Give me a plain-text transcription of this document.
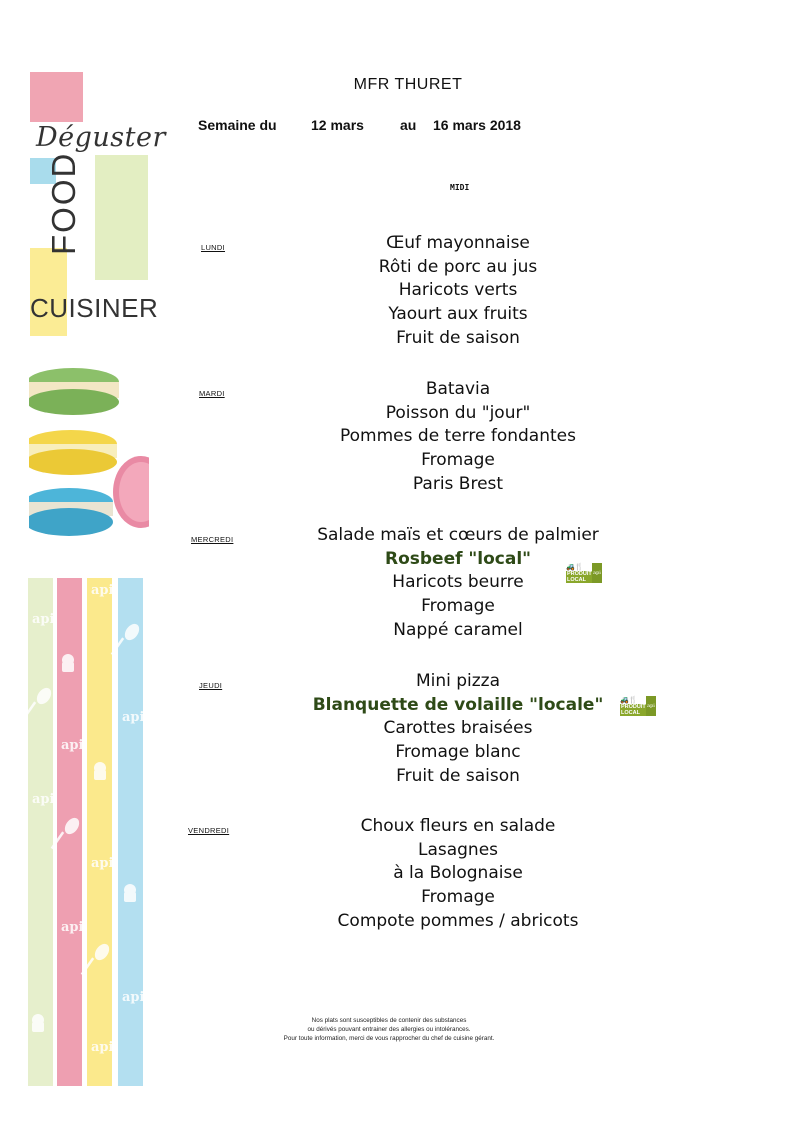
Déguster
FOOD
CUISINER
api
api
api
api
api
api
api
api
api
MFR THURET
Semaine du 12 mars	au 16 mars 2018
MIDI
LUNDI	Œuf mayonnaise
Rôti de porc au jus
Haricots verts
Yaourt aux fruits
Fruit de saison
MARDI	Batavia
Poisson du "jour"
Pommes de terre fondantes
Fromage
Paris Brest
MERCREDI	Salade maïs et cœurs de palmier
Rosbeef "local"
Haricots beurre
Fromage
Nappé caramel
🚜🍴
PRODUIT
LOCAL
api
JEUDI	Mini pizza
Blanquette de volaille "locale"
Carottes braisées
Fromage blanc
Fruit de saison
🚜🍴
PRODUIT
LOCAL
api
VENDREDI	Choux fleurs en salade
Lasagnes
à la Bolognaise
Fromage
Compote pommes / abricots
Nos plats sont susceptibles de contenir des substances
ou dérivés pouvant entrainer des allergies ou intolérances.
Pour toute information, merci de vous rapprocher du chef de cuisine gérant.
